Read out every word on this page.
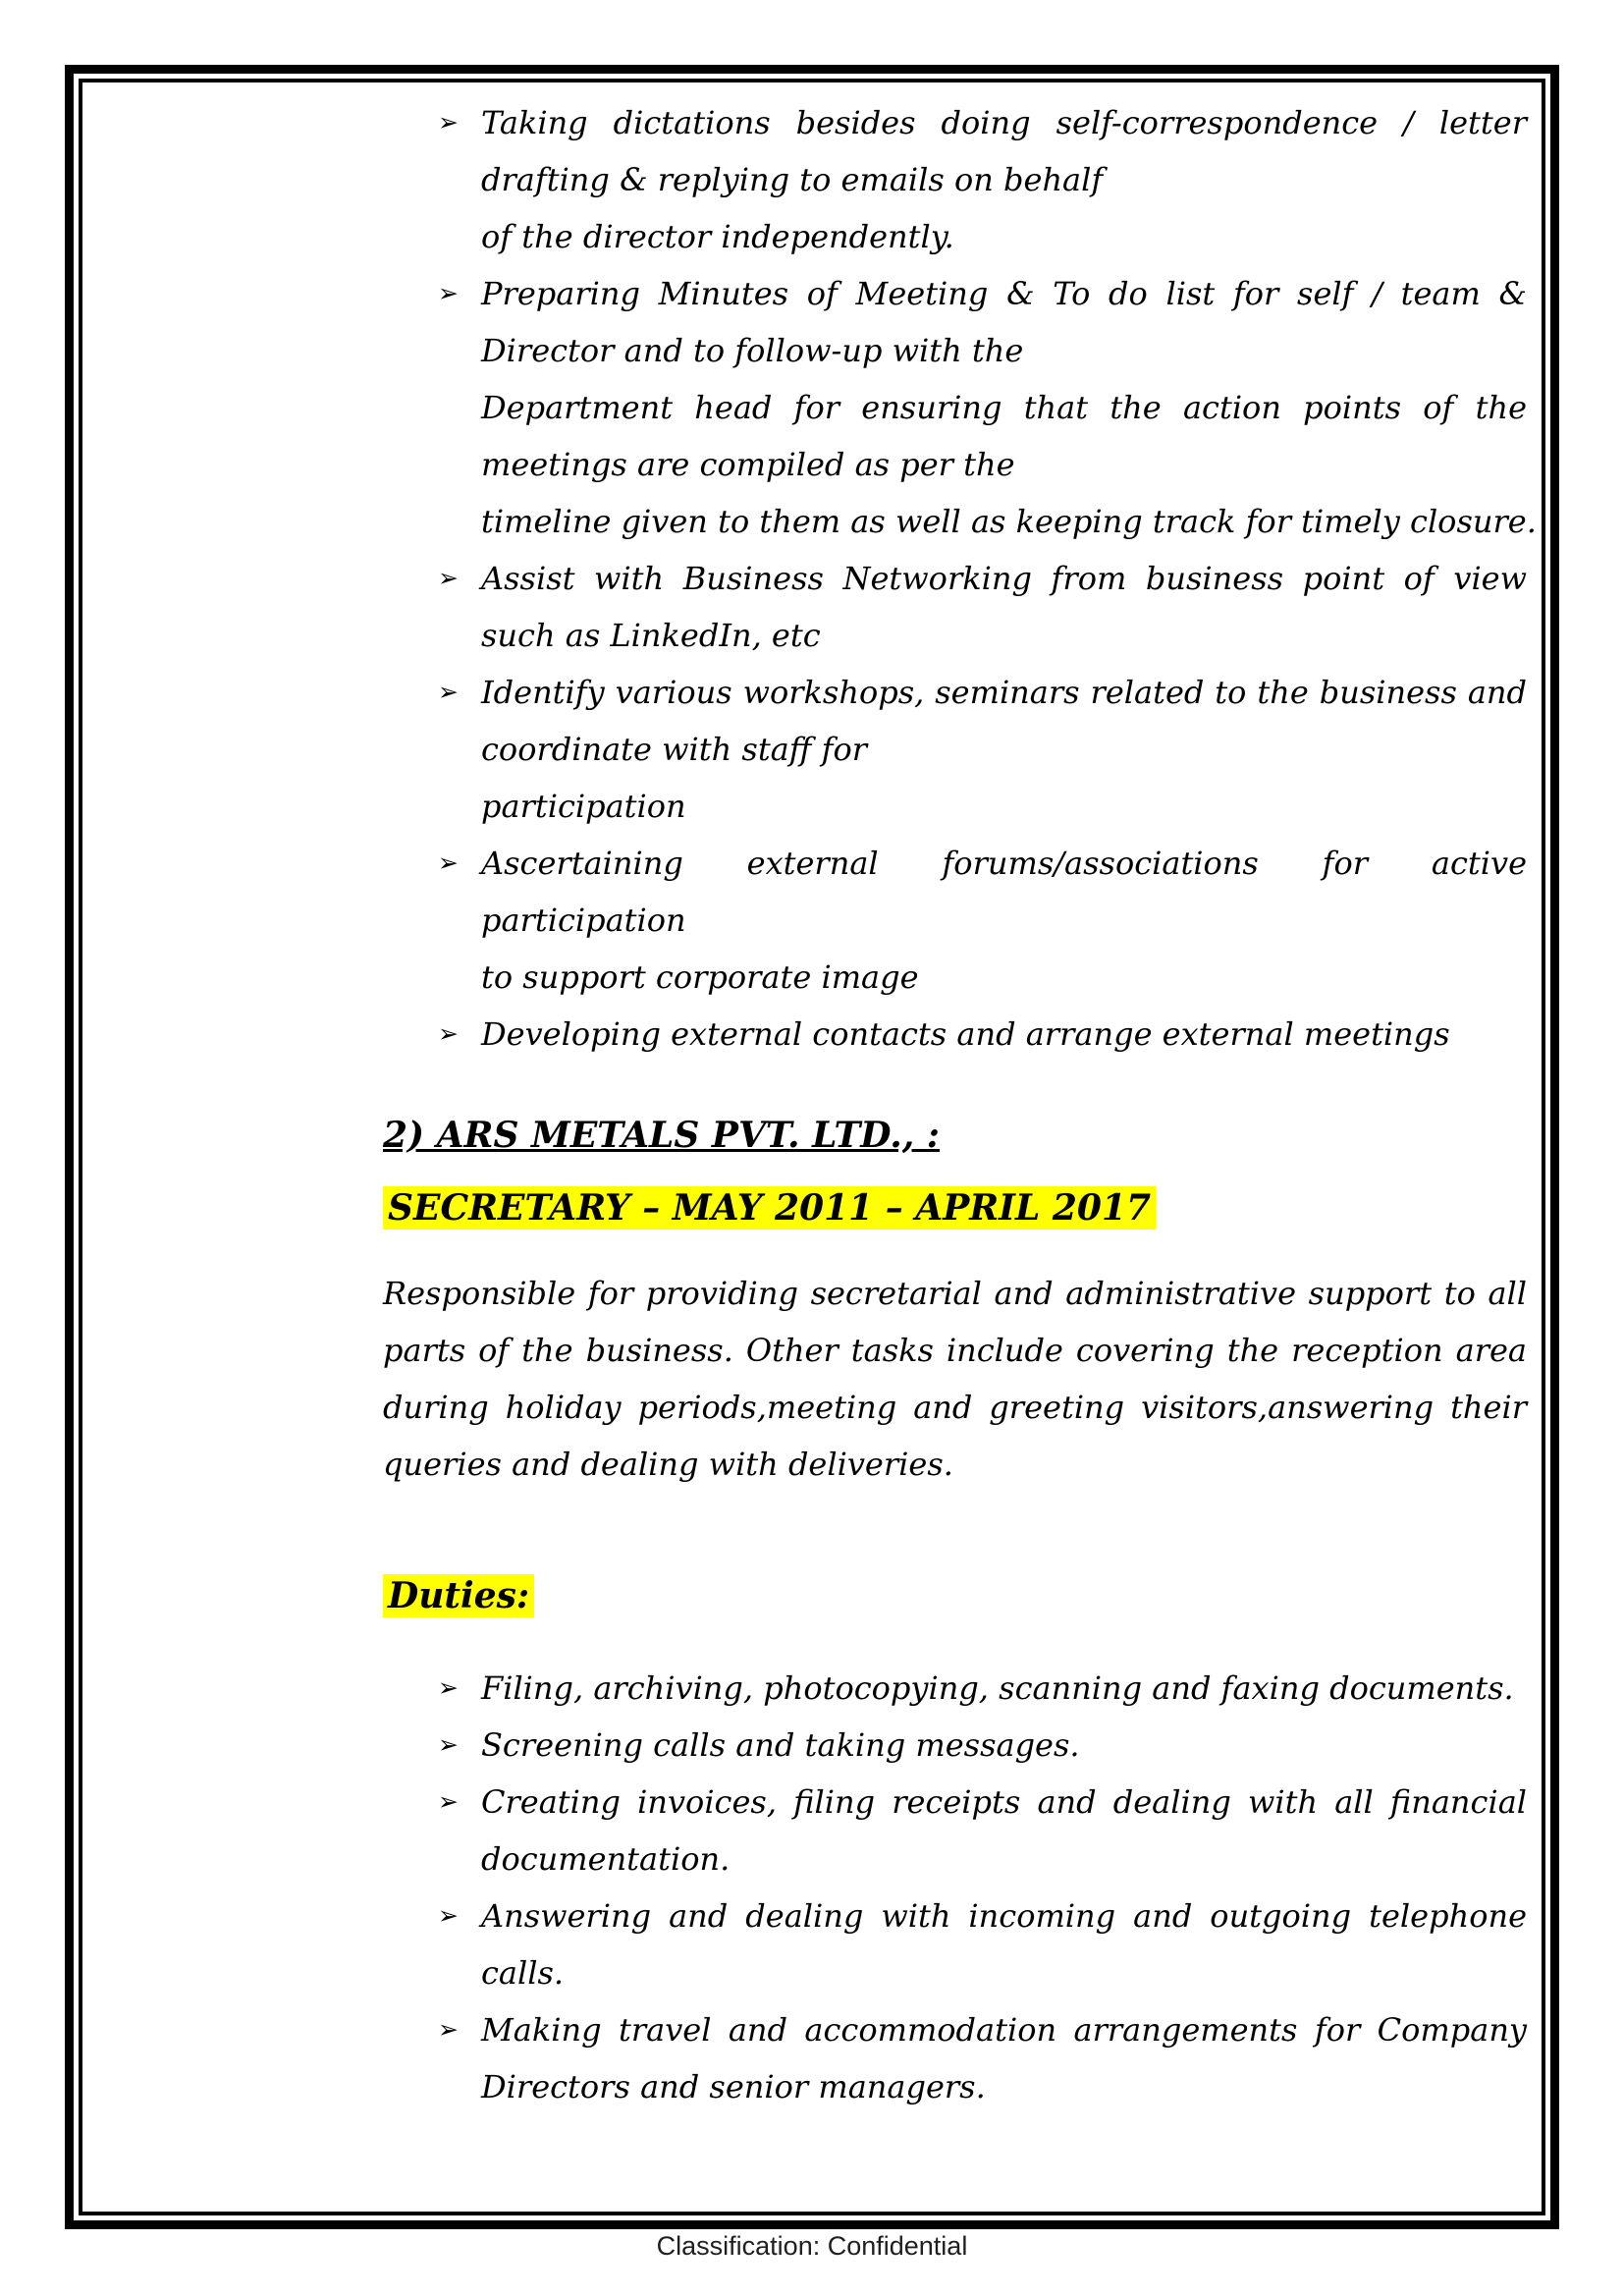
➢ Taking dictations besides doing self-correspondence / letter
drafting & replying to emails on behalf
of the director independently.
➢ Preparing Minutes of Meeting & To do list for self / team &
Director and to follow-up with the
Department head for ensuring that the action points of the
meetings are compiled as per the
timeline given to them as well as keeping track for timely closure.
➢ Assist with Business Networking from business point of view
such as LinkedIn, etc
➢ Identify various workshops, seminars related to the business and
coordinate with staff for
participation
➢ Ascertaining external forums/associations for active participation
to support corporate image
➢ Developing external contacts and arrange external meetings
2) ARS METALS PVT. LTD., :
SECRETARY – MAY 2011 – APRIL 2017
Responsible for providing secretarial and administrative support to all
parts of the business. Other tasks include covering the reception area
during holiday periods,meeting and greeting visitors,answering their
queries and dealing with deliveries.
Duties:
➢ Filing, archiving, photocopying, scanning and faxing documents.
➢ Screening calls and taking messages.
➢ Creating invoices, filing receipts and dealing with all financial
documentation.
➢ Answering and dealing with incoming and outgoing telephone
calls.
➢ Making travel and accommodation arrangements for Company
Directors and senior managers.
Classification: Confidential
